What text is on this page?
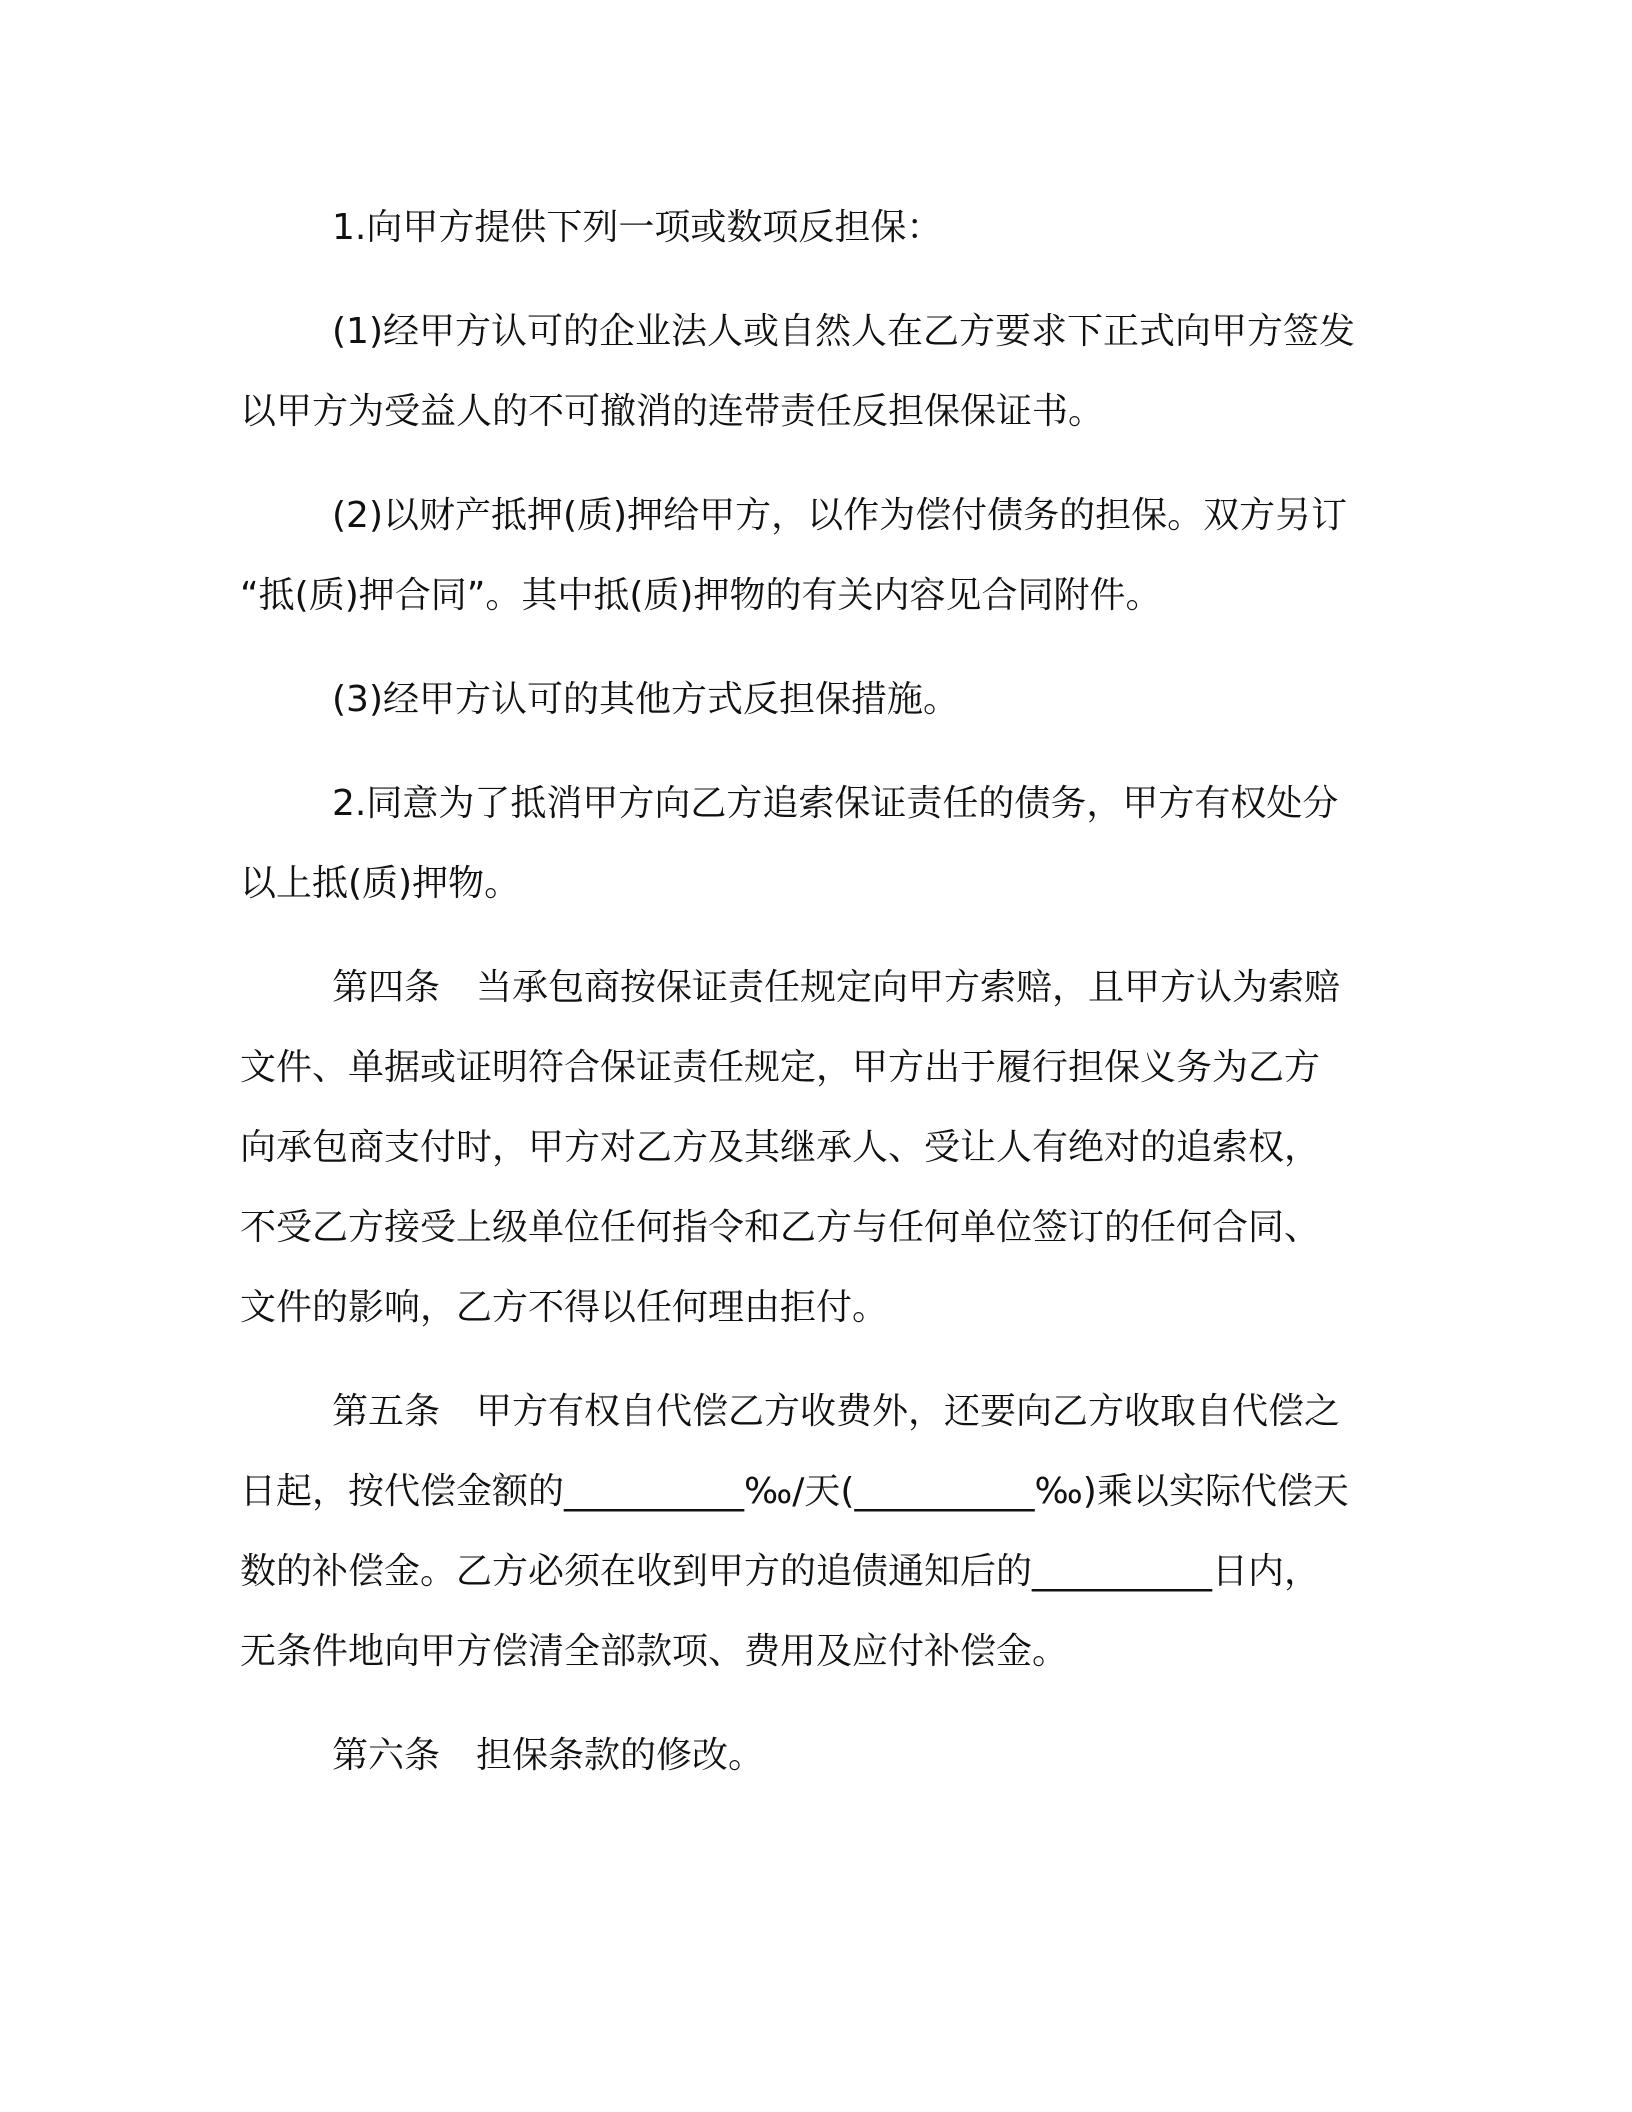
1.向甲方提供下列一项或数项反担保：
(1)经甲方认可的企业法人或自然人在乙方要求下正式向甲方签发
以甲方为受益人的不可撤消的连带责任反担保保证书。
(2)以财产抵押(质)押给甲方，以作为偿付债务的担保。双方另订
“抵(质)押合同”。其中抵(质)押物的有关内容见合同附件。
(3)经甲方认可的其他方式反担保措施。
2.同意为了抵消甲方向乙方追索保证责任的债务，甲方有权处分
以上抵(质)押物。
第四条　当承包商按保证责任规定向甲方索赔，且甲方认为索赔
文件、单据或证明符合保证责任规定，甲方出于履行担保义务为乙方
向承包商支付时，甲方对乙方及其继承人、受让人有绝对的追索权，
不受乙方接受上级单位任何指令和乙方与任何单位签订的任何合同、
文件的影响，乙方不得以任何理由拒付。
第五条　甲方有权自代偿乙方收费外，还要向乙方收取自代偿之
日起，按代偿金额的__________‰/天(__________‰)乘以实际代偿天
数的补偿金。乙方必须在收到甲方的追债通知后的__________日内，
无条件地向甲方偿清全部款项、费用及应付补偿金。
第六条　担保条款的修改。
